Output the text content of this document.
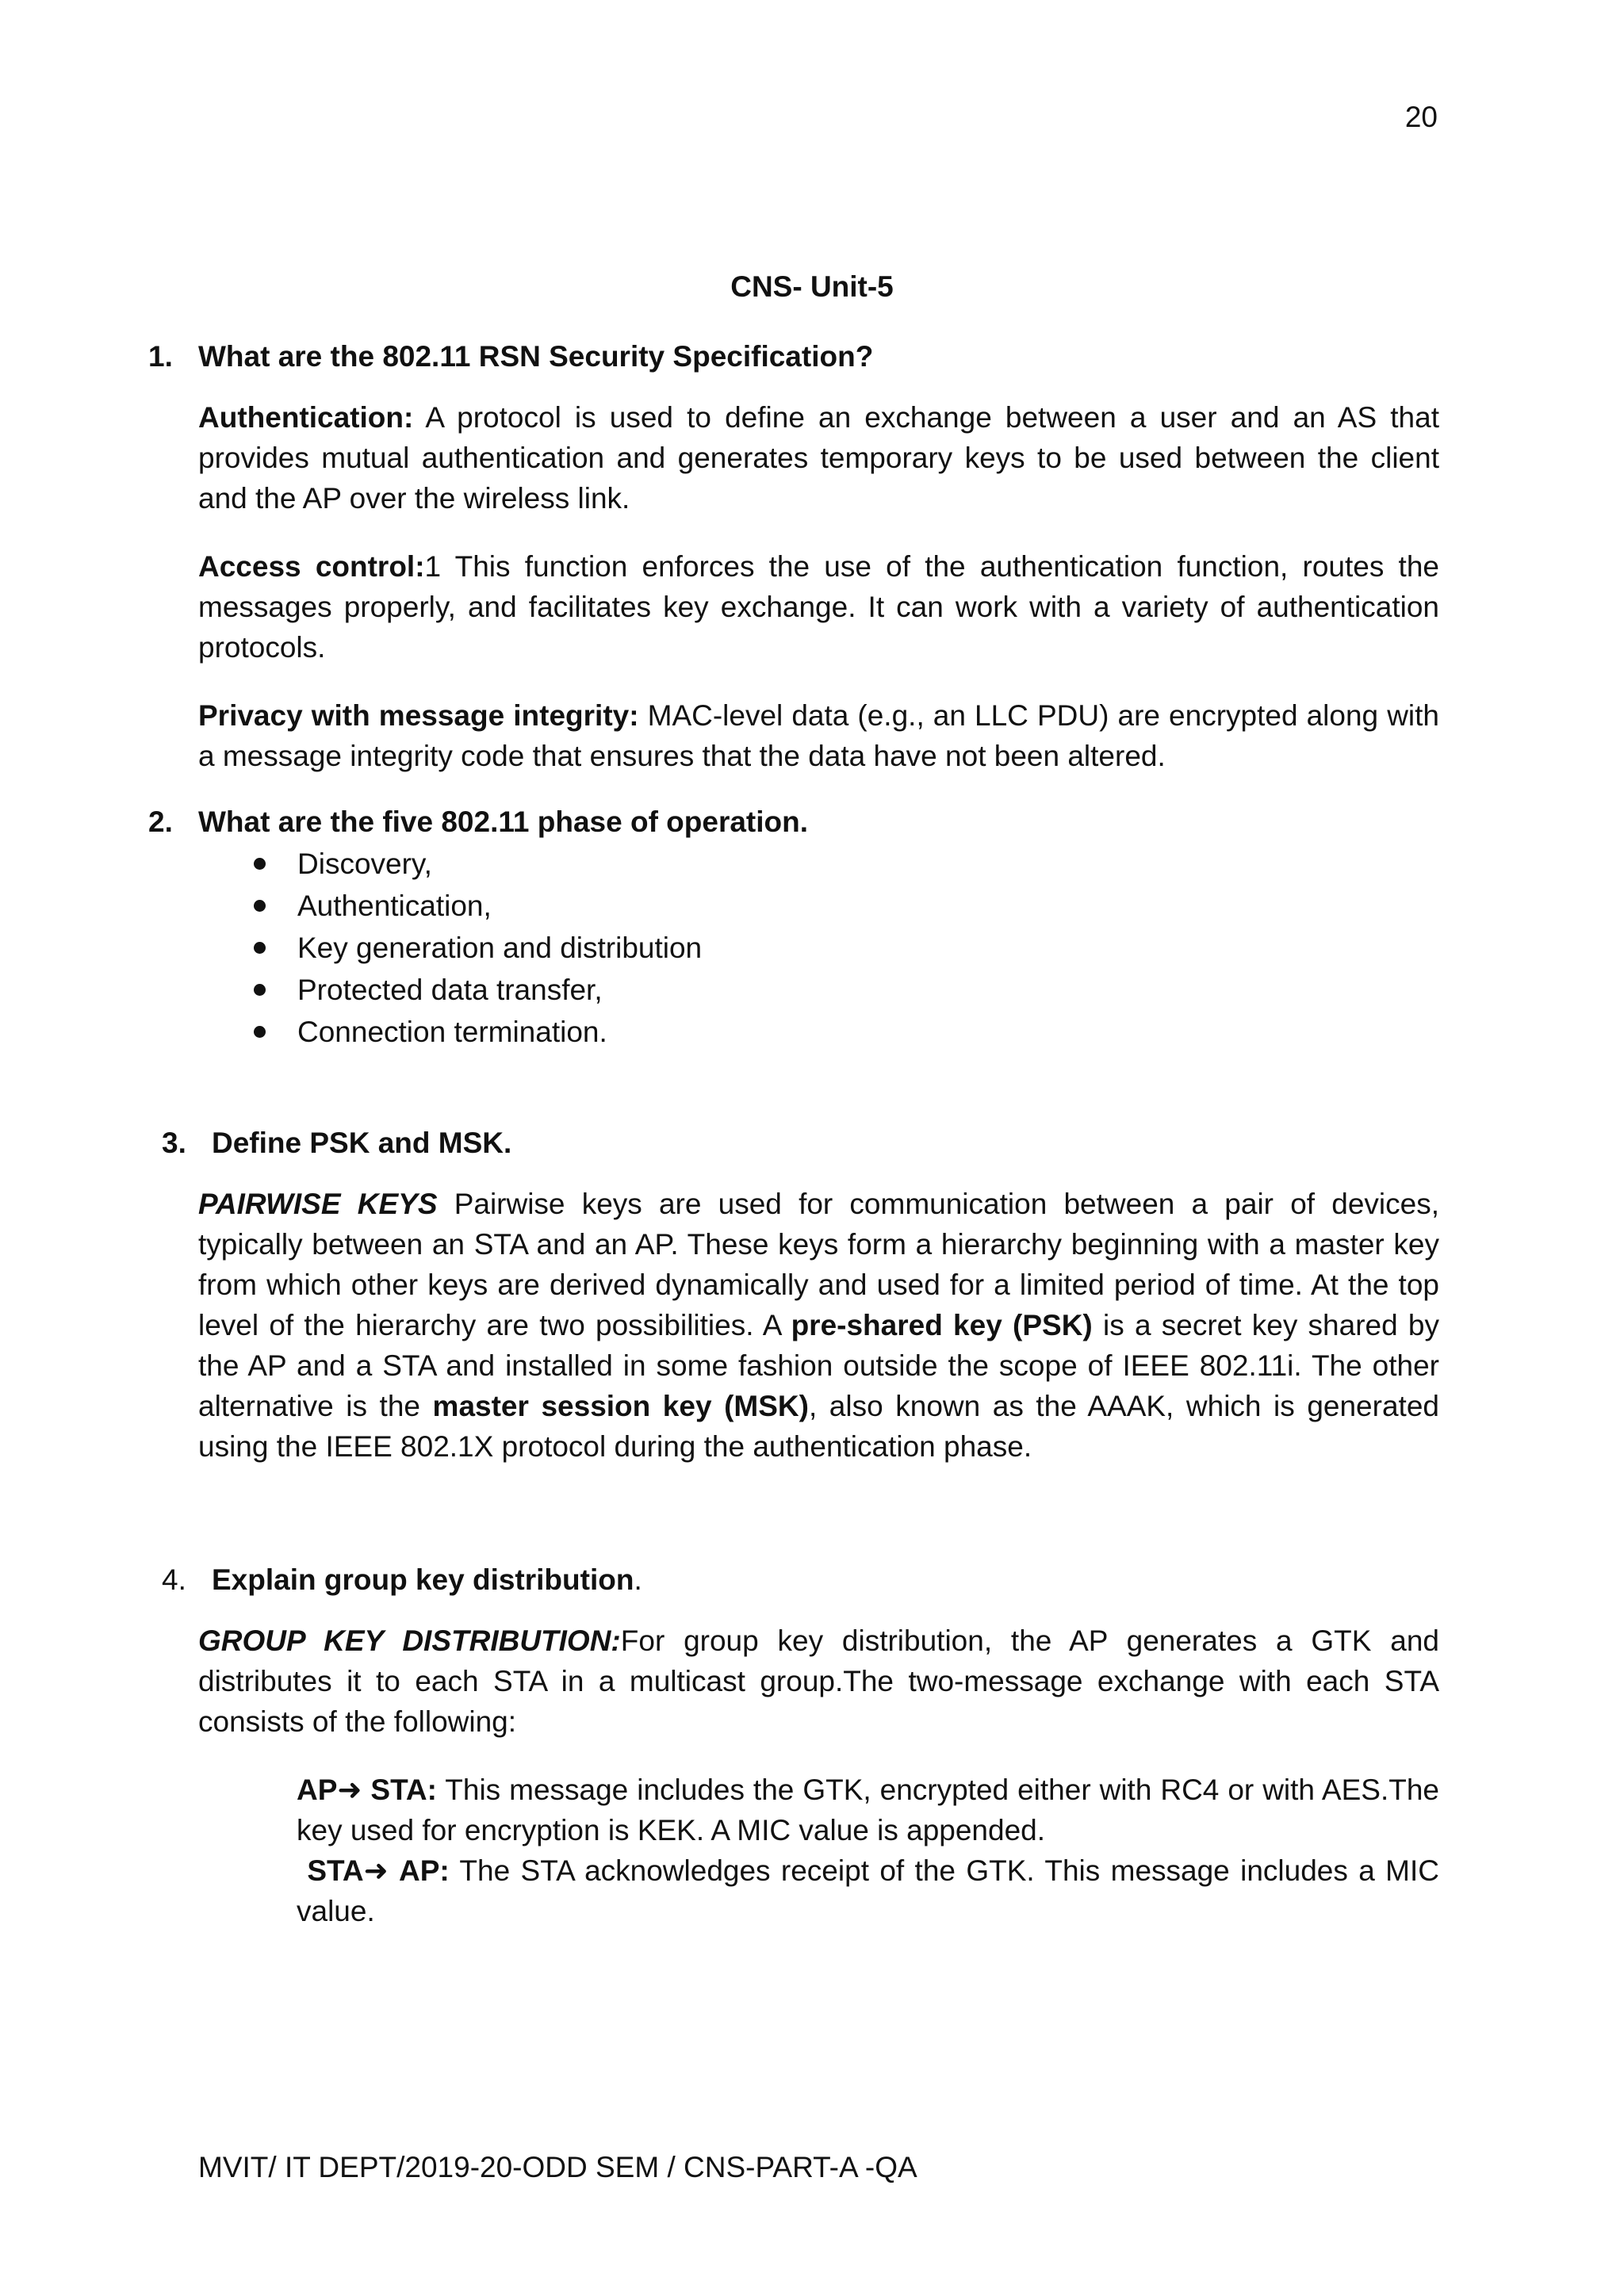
20
CNS- Unit-5
1. What are the 802.11 RSN Security Specification?
Authentication: A protocol is used to define an exchange between a user and an AS that provides mutual authentication and generates temporary keys to be used between the client and the AP over the wireless link.
Access control:1 This function enforces the use of the authentication function, routes the messages properly, and facilitates key exchange. It can work with a variety of authentication protocols.
Privacy with message integrity: MAC-level data (e.g., an LLC PDU) are encrypted along with a message integrity code that ensures that the data have not been altered.
2. What are the five 802.11 phase of operation.
Discovery,
Authentication,
Key generation and distribution
Protected data transfer,
Connection termination.
3. Define PSK and MSK.
PAIRWISE KEYS Pairwise keys are used for communication between a pair of devices, typically between an STA and an AP. These keys form a hierarchy beginning with a master key from which other keys are derived dynamically and used for a limited period of time. At the top level of the hierarchy are two possibilities. A pre-shared key (PSK) is a secret key shared by the AP and a STA and installed in some fashion outside the scope of IEEE 802.11i. The other alternative is the master session key (MSK), also known as the AAAK, which is generated using the IEEE 802.1X protocol during the authentication phase.
4. Explain group key distribution.
GROUP KEY DISTRIBUTION:For group key distribution, the AP generates a GTK and distributes it to each STA in a multicast group.The two-message exchange with each STA consists of the following:
AP➜ STA: This message includes the GTK, encrypted either with RC4 or with AES.The key used for encryption is KEK. A MIC value is appended.
STA➜ AP: The STA acknowledges receipt of the GTK. This message includes a MIC value.
MVIT/ IT DEPT/2019-20-ODD SEM / CNS-PART-A -QA
